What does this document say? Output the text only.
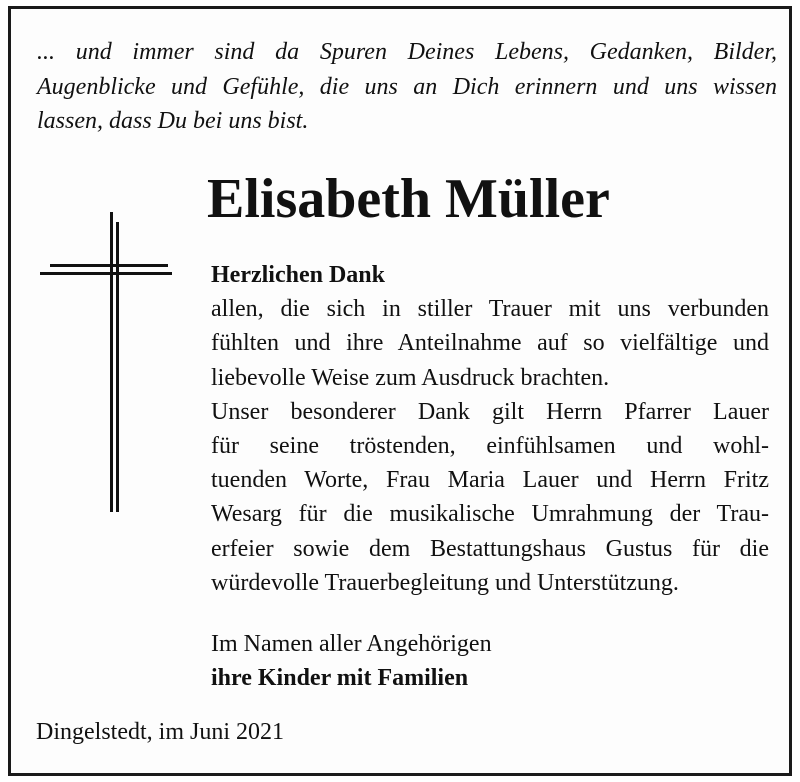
... und immer sind da Spuren Deines Lebens, Gedanken, Bilder,
Augenblicke und Gefühle, die uns an Dich erinnern und uns wissen
lassen, dass Du bei uns bist.

Elisabeth Müller
Herzlichen Dank
allen, die sich in stiller Trauer mit uns verbunden
fühlten und ihre Anteilnahme auf so vielfältige und
liebevolle Weise zum Ausdruck brachten.
Unser besonderer Dank gilt Herrn Pfarrer Lauer
für seine tröstenden, einfühlsamen und wohl-
tuenden Worte, Frau Maria Lauer und Herrn Fritz
Wesarg für die musikalische Umrahmung der Trau-
erfeier sowie dem Bestattungshaus Gustus für die
würdevolle Trauerbegleitung und Unterstützung.
Im Namen aller Angehörigen
ihre Kinder mit Familien
Dingelstedt, im Juni 2021
